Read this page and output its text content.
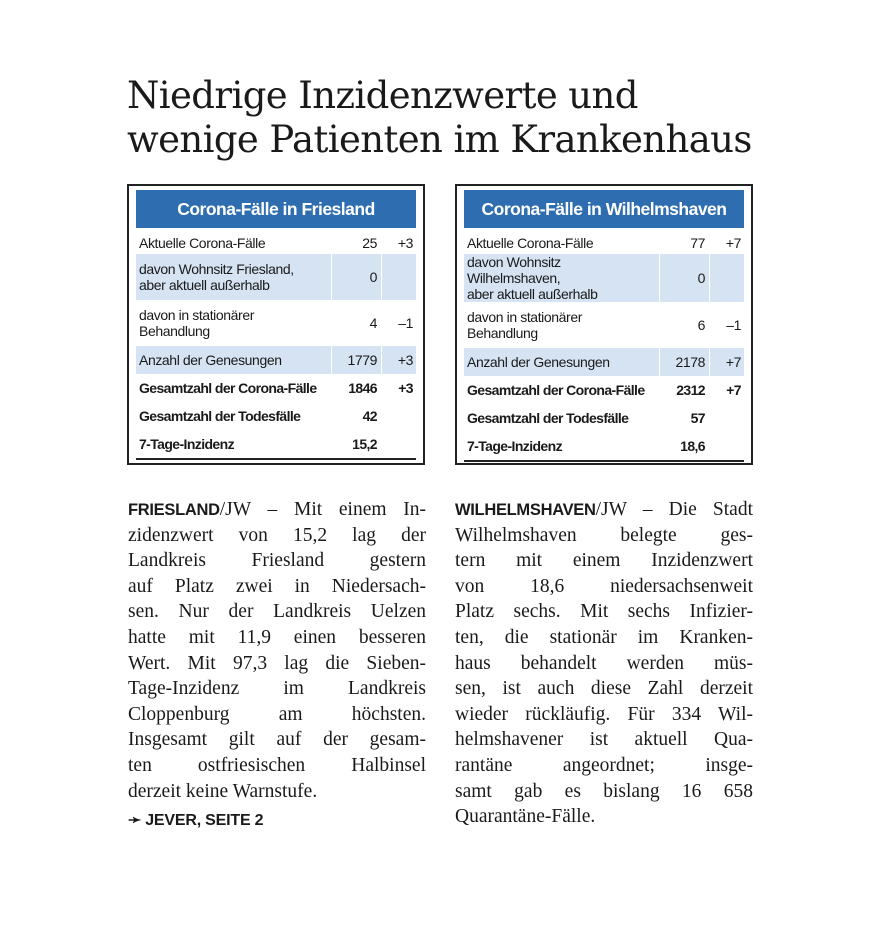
Niedrige Inzidenzwerte und
wenige Patienten im Krankenhaus
Corona-Fälle in Friesland
Aktuelle Corona-Fälle	25	+3
davon Wohnsitz Friesland,
aber aktuell außerhalb	0	
davon in stationärer
Behandlung	4	–1
Anzahl der Genesungen	1779	+3
Gesamtzahl der Corona-Fälle	1846	+3
Gesamtzahl der Todesfälle	42	
7-Tage-Inzidenz	15,2	
Corona-Fälle in Wilhelmshaven
Aktuelle Corona-Fälle	77	+7
davon Wohnsitz Wilhelmshaven,
aber aktuell außerhalb	0	
davon in stationärer
Behandlung	6	–1
Anzahl der Genesungen	2178	+7
Gesamtzahl der Corona-Fälle	2312	+7
Gesamtzahl der Todesfälle	57	
7-Tage-Inzidenz	18,6	
FRIESLAND/JW – Mit einem In-
zidenzwert von 15,2 lag der
Landkreis Friesland gestern
auf Platz zwei in Niedersach-
sen. Nur der Landkreis Uelzen
hatte mit 11,9 einen besseren
Wert. Mit 97,3 lag die Sieben-
Tage-Inzidenz im Landkreis
Cloppenburg am höchsten.
Insgesamt gilt auf der gesam-
ten ostfriesischen Halbinsel
derzeit keine Warnstufe.
➛ JEVER, SEITE 2
WILHELMSHAVEN/JW – Die Stadt
Wilhelmshaven belegte ges-
tern mit einem Inzidenzwert
von 18,6 niedersachsenweit
Platz sechs. Mit sechs Infizier-
ten, die stationär im Kranken-
haus behandelt werden müs-
sen, ist auch diese Zahl derzeit
wieder rückläufig. Für 334 Wil-
helmshavener ist aktuell Qua-
rantäne angeordnet; insge-
samt gab es bislang 16 658
Quarantäne-Fälle.
